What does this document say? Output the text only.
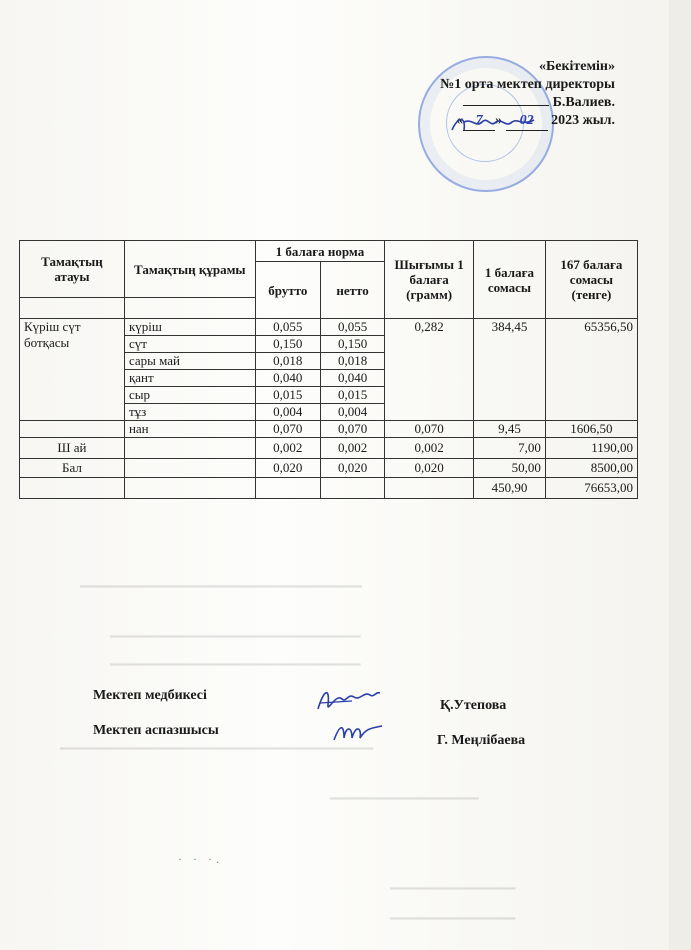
━━━━━━━━━━━━━━━━━━━━━━━━━━━━━━━━━━━━
━━━━━━━━━━━━━━━━━━━━━━━━━━━━━━━━
━━━━━━━━━━━━━━━━━━━━━━━━━━━━━━━━
━━━━━━━━━━━━━━━━━━━━━━━━━━━━━━━━━━━━━━━━
━━━━━━━━━━━━━━━━━━━
━━━━━━━━━━━━━━━━
━━━━━━━━━━━━━━━━
«Бекітемін»
№1 орта мектеп директоры
Б.Валиев.
« 7 » 02 2023 жыл.
Тамақтың атауы	Тамақтың құрамы	1 балаға норма		Шығымы 1 балаға (грамм)	1 балаға сомасы	167 балаға сомасы (тенге)
		брутто	нетто			

Күріш сүт ботқасы	күріш	0,055	0,055	0,282	384,45	65356,50
	сүт	0,150	0,150			
	сары май	0,018	0,018			
	қант	0,040	0,040			
	сыр	0,015	0,015			
	тұз	0,004	0,004			
	нан	0,070	0,070	0,070	9,45	1606,50
Ш ай		0,002	0,002	0,002	7,00	1190,00
Бал		0,020	0,020	0,020	50,00	8500,00
					450,90	76653,00
Мектеп медбикесі
Қ.Утепова
Мектеп аспазшысы
Г. Меңлібаева
· · ·.
